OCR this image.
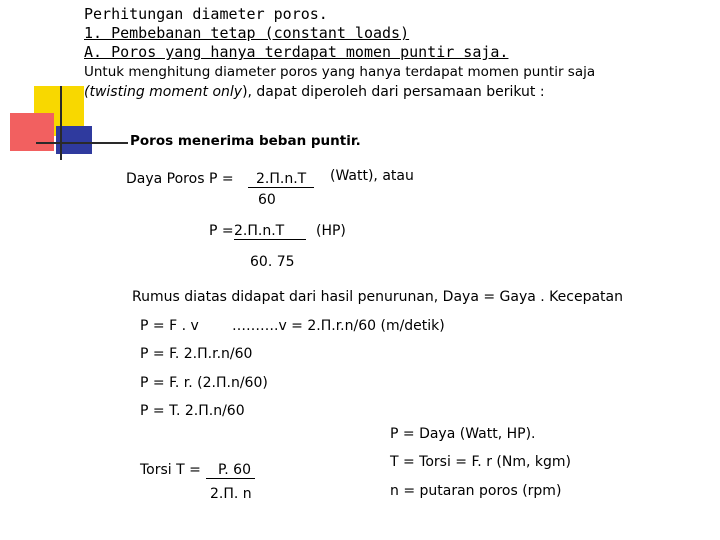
Perhitungan diameter poros.
1. Pembebanan tetap (constant loads)
A. Poros yang hanya terdapat momen puntir saja.
Untuk menghitung diameter poros yang hanya terdapat momen puntir saja
(twisting moment only), dapat diperoleh dari persamaan berikut :
Poros menerima beban puntir.
Daya Poros P =	2.Π.n.T
60
(Watt), atau
P = 2.Π.n.T	(HP)
60. 75
Rumus diatas didapat dari hasil penurunan, Daya = Gaya . Kecepatan
P = F . v ……….v = 2.Π.r.n/60 (m/detik)
P = F. 2.Π.r.n/60
P = F. r. (2.Π.n/60)
P = T. 2.Π.n/60
Torsi T =	P. 60
2.Π. n
P = Daya (Watt, HP).
T = Torsi = F. r (Nm, kgm)
n = putaran poros (rpm)
